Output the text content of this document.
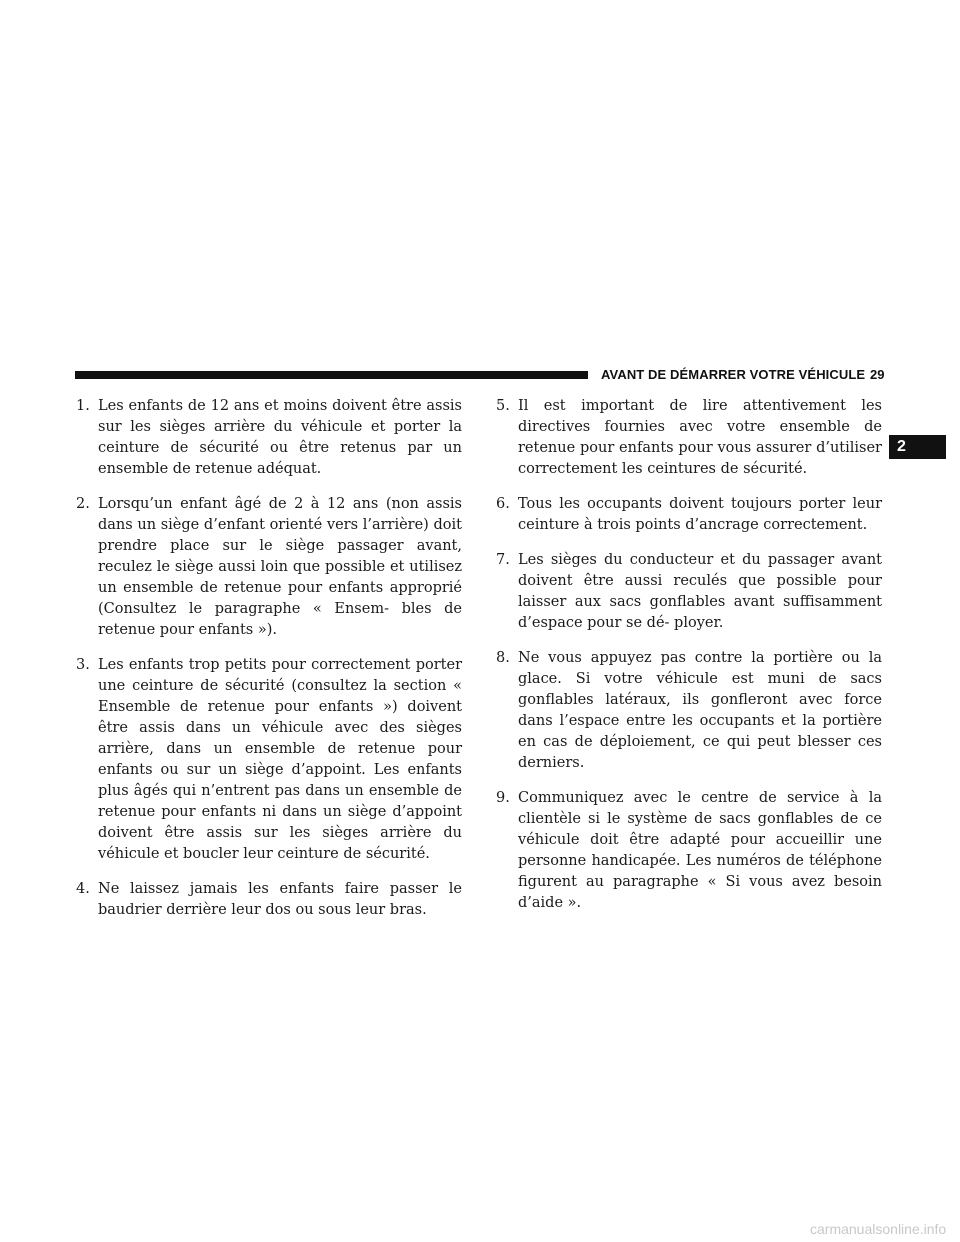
AVANT DE DÉMARRER VOTRE VÉHICULE 29
2
1. Les enfants de 12 ans et moins doivent être assis sur les sièges arrière du véhicule et porter la ceinture de sécurité ou être retenus par un ensemble de retenue adéquat.
2. Lorsqu’un enfant âgé de 2 à 12 ans (non assis dans un siège d’enfant orienté vers l’arrière) doit prendre place sur le siège passager avant, reculez le siège aussi loin que possible et utilisez un ensemble de retenue pour enfants approprié (Consultez le paragraphe « Ensem- bles de retenue pour enfants »).
3. Les enfants trop petits pour correctement porter une ceinture de sécurité (consultez la section « Ensemble de retenue pour enfants ») doivent être assis dans un véhicule avec des sièges arrière, dans un ensemble de retenue pour enfants ou sur un siège d’appoint. Les enfants plus âgés qui n’entrent pas dans un ensemble de retenue pour enfants ni dans un siège d’appoint doivent être assis sur les sièges arrière du véhicule et boucler leur ceinture de sécurité.
4. Ne laissez jamais les enfants faire passer le baudrier derrière leur dos ou sous leur bras.
5. Il est important de lire attentivement les directives fournies avec votre ensemble de retenue pour enfants pour vous assurer d’utiliser correctement les ceintures de sécurité.
6. Tous les occupants doivent toujours porter leur ceinture à trois points d’ancrage correctement.
7. Les sièges du conducteur et du passager avant doivent être aussi reculés que possible pour laisser aux sacs gonflables avant suffisamment d’espace pour se dé- ployer.
8. Ne vous appuyez pas contre la portière ou la glace. Si votre véhicule est muni de sacs gonflables latéraux, ils gonfleront avec force dans l’espace entre les occupants et la portière en cas de déploiement, ce qui peut blesser ces derniers.
9. Communiquez avec le centre de service à la clientèle si le système de sacs gonflables de ce véhicule doit être adapté pour accueillir une personne handicapée. Les numéros de téléphone figurent au paragraphe « Si vous avez besoin d’aide ».
carmanualsonline.info
